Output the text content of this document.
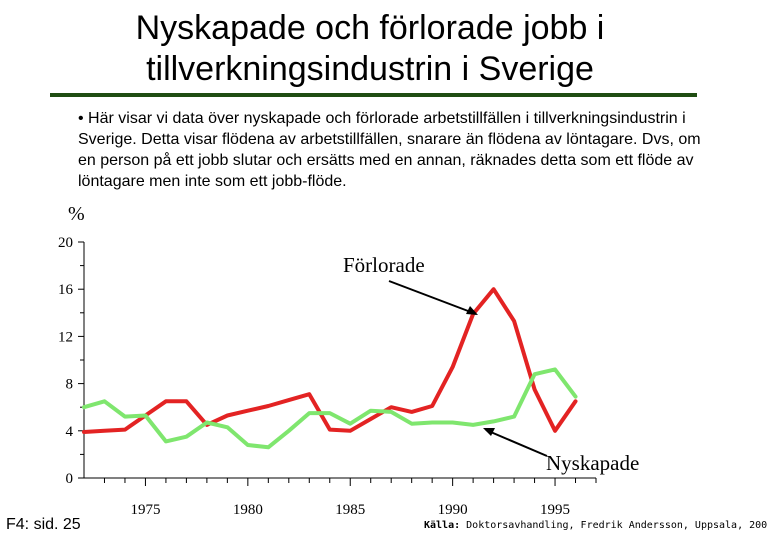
Nyskapade och förlorade jobb i
tillverkningsindustrin i Sverige
• Här visar vi data över nyskapade och förlorade arbetstillfällen i tillverkningsindustrin i Sverige. Detta visar flödena av arbetstillfällen, snarare än flödena av löntagare. Dvs, om en person på ett jobb slutar och ersätts med en annan, räknades detta som ett flöde av löntagare men inte som ett jobb-flöde.
%
20
16
12
8
4
0
1975	1980	1985	1990	1995
Förlorade
Nyskapade
F4: sid. 25	Källa: Doktorsavhandling, Fredrik Andersson, Uppsala, 200
